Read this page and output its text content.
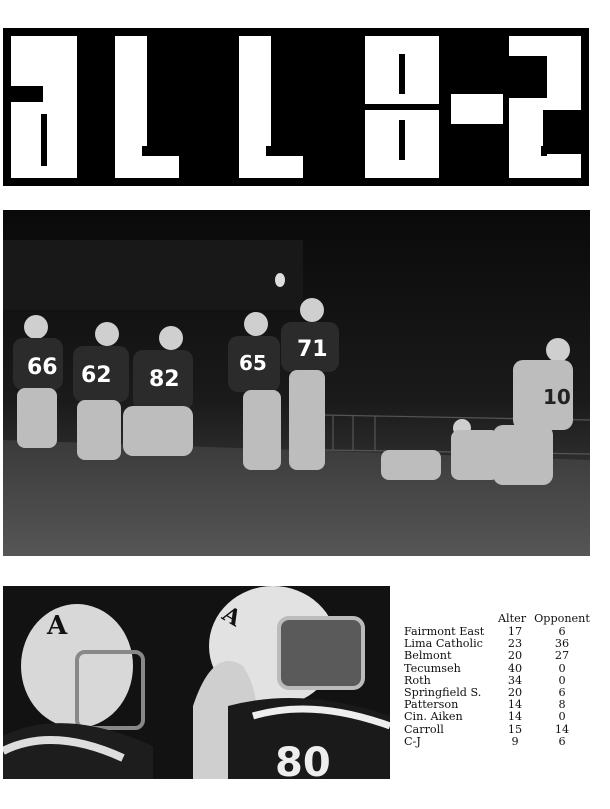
66 62 82
65
71
10
A	A
80
Alter Opponent
Fairmont East	17	6
Lima Catholic	23	36
Belmont	20	27
Tecumseh	40	0
Roth	34	0
Springfield S.	20	6
Patterson	14	8
Cin. Aiken	14	0
Carroll	15	14
C-J	9	6
